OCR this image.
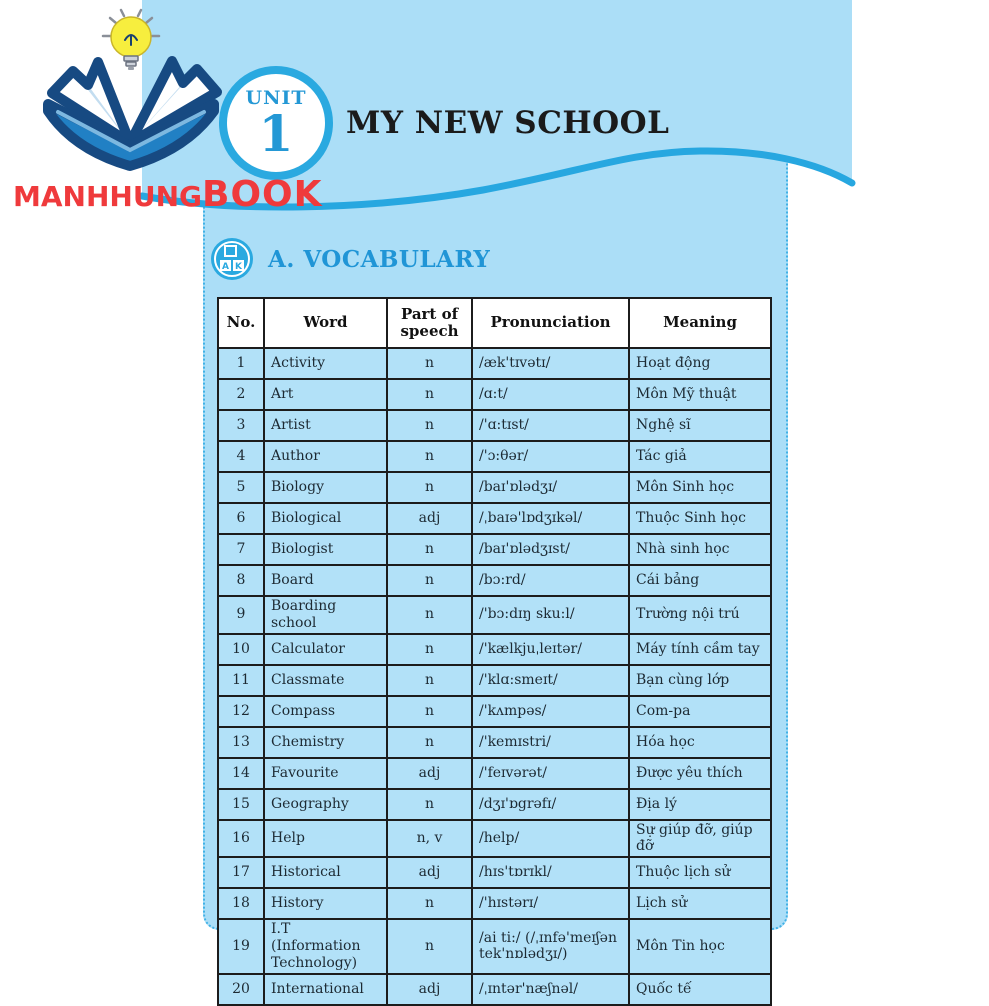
UNIT
1 MY NEW SCHOOL
A K A. VOCABULARY
No.	Word	Part of speech	Pronunciation	Meaning
1	Activity	n	/æk'tɪvətɪ/	Hoạt động
2	Art	n	/ɑ:t/	Môn Mỹ thuật
3	Artist	n	/'ɑ:tɪst/	Nghệ sĩ
4	Author	n	/'ɔ:θər/	Tác giả
5	Biology	n	/baɪ'ɒlədʒɪ/	Môn Sinh học
6	Biological	adj	/ˌbaɪə'lɒdʒɪkəl/	Thuộc Sinh học
7	Biologist	n	/baɪ'ɒlədʒɪst/	Nhà sinh học
8	Board	n	/bɔ:rd/	Cái bảng
9	Boarding school	n	/'bɔ:dɪŋ sku:l/	Trường nội trú
10	Calculator	n	/'kælkjuˌleɪtər/	Máy tính cầm tay
11	Classmate	n	/'klɑ:smeɪt/	Bạn cùng lớp
12	Compass	n	/'kʌmpəs/	Com-pa
13	Chemistry	n	/'kemɪstri/	Hóa học
14	Favourite	adj	/'feɪvərət/	Được yêu thích
15	Geography	n	/dʒɪ'ɒgrəfɪ/	Địa lý
16	Help	n, v	/help/	Sự giúp đỡ, giúp đỡ
17	Historical	adj	/hɪs'tɒrɪkl/	Thuộc lịch sử
18	History	n	/'hɪstərɪ/	Lịch sử
19	I.T (Information Technology)	n	/ai ti:/ (/ˌɪnfə'meɪʃən tek'nɒlədʒɪ/)	Môn Tin học
20	International	adj	/ˌɪntər'næʃnəl/	Quốc tế
MANHHUNG BOOK
